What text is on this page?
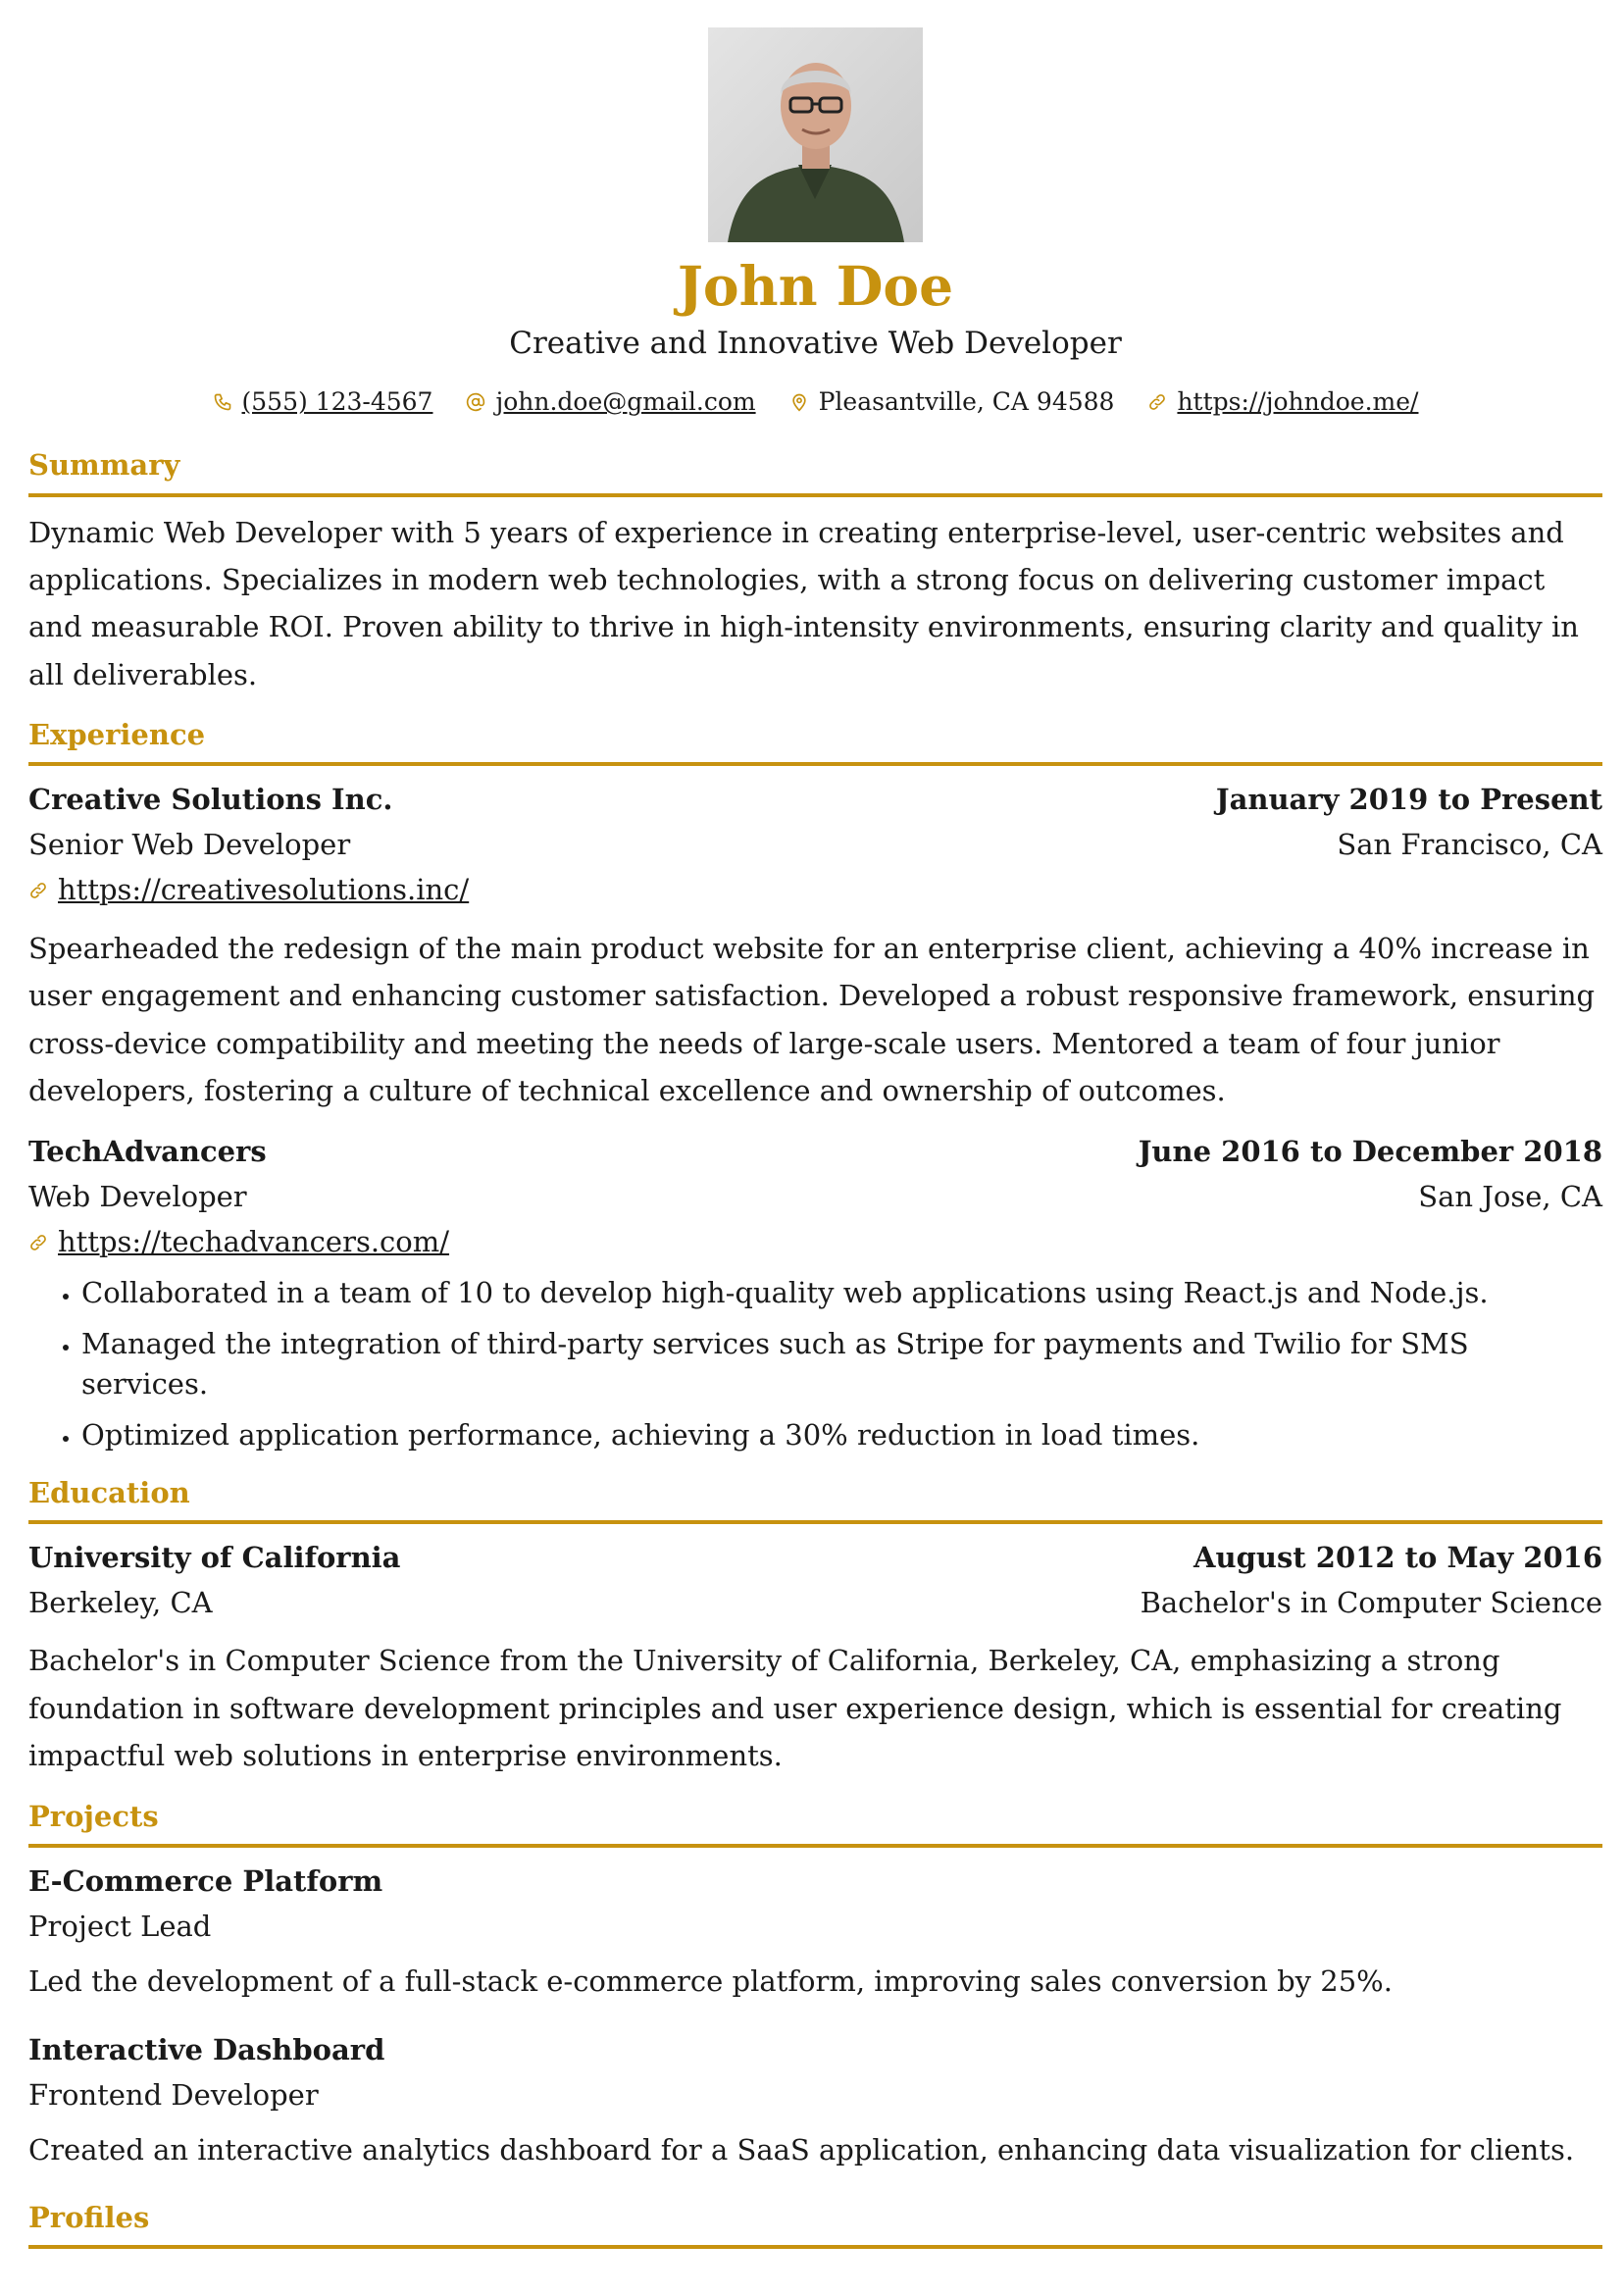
John Doe
Creative and Innovative Web Developer
(555) 123-4567	john.doe@gmail.com	Pleasantville, CA 94588	https://johndoe.me/
Summary
Dynamic Web Developer with 5 years of experience in creating enterprise-level, user-centric websites and applications. Specializes in modern web technologies, with a strong focus on delivering customer impact and measurable ROI. Proven ability to thrive in high-intensity environments, ensuring clarity and quality in all deliverables.
Experience
Creative Solutions Inc.	January 2019 to Present
Senior Web Developer	San Francisco, CA
https://creativesolutions.inc/
Spearheaded the redesign of the main product website for an enterprise client, achieving a 40% increase in user engagement and enhancing customer satisfaction. Developed a robust responsive framework, ensuring cross-device compatibility and meeting the needs of large-scale users. Mentored a team of four junior developers, fostering a culture of technical excellence and ownership of outcomes.
TechAdvancers	June 2016 to December 2018
Web Developer	San Jose, CA
https://techadvancers.com/
• Collaborated in a team of 10 to develop high-quality web applications using React.js and Node.js.
• Managed the integration of third-party services such as Stripe for payments and Twilio for SMS services.
• Optimized application performance, achieving a 30% reduction in load times.
Education
University of California	August 2012 to May 2016
Berkeley, CA	Bachelor's in Computer Science
Bachelor's in Computer Science from the University of California, Berkeley, CA, emphasizing a strong foundation in software development principles and user experience design, which is essential for creating impactful web solutions in enterprise environments.
Projects
E-Commerce Platform
Project Lead
Led the development of a full-stack e-commerce platform, improving sales conversion by 25%.
Interactive Dashboard
Frontend Developer
Created an interactive analytics dashboard for a SaaS application, enhancing data visualization for clients.
Profiles
